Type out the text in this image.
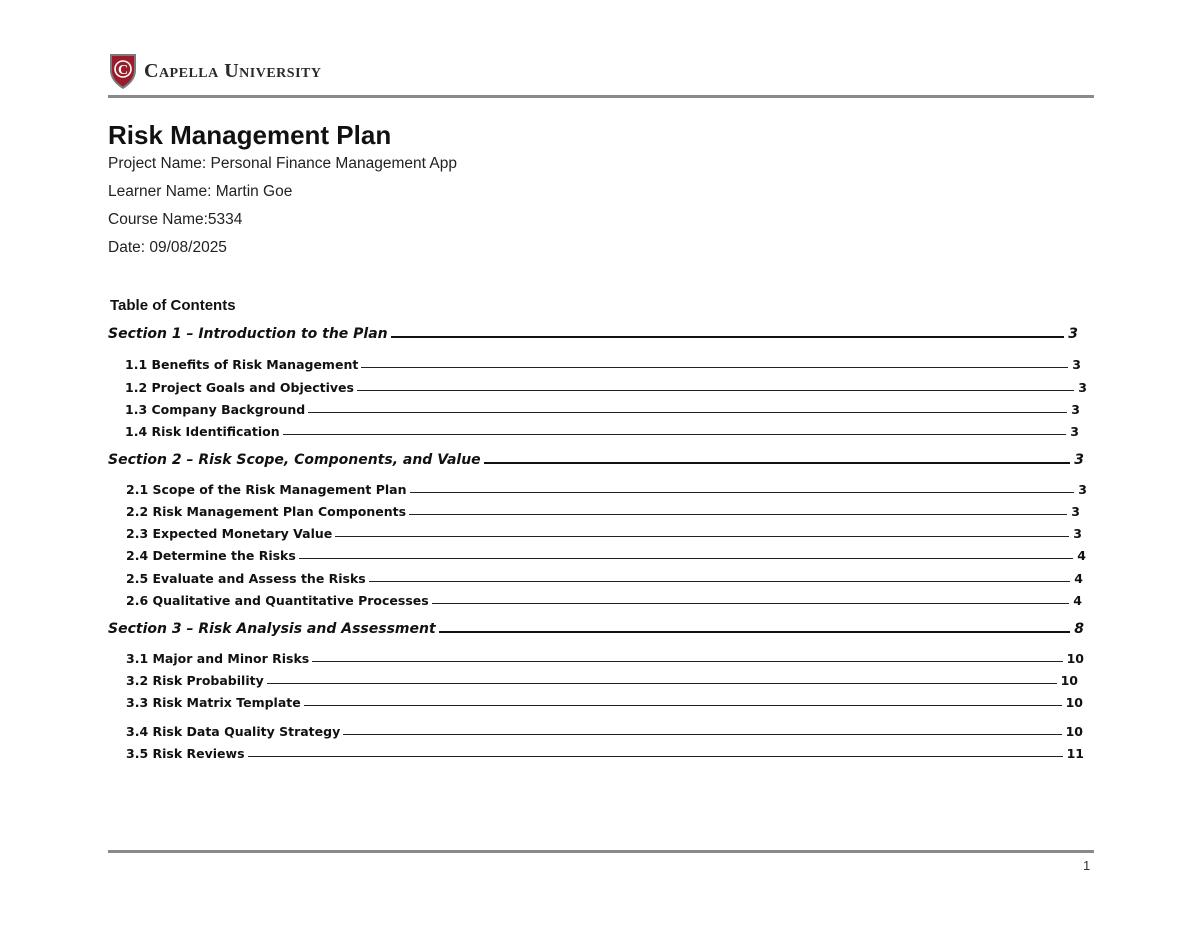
C Capella University
Risk Management Plan
Project Name: Personal Finance Management App
Learner Name: Martin Goe
Course Name:5334
Date: 09/08/2025
Table of Contents
Section 1 – Introduction to the Plan	3
1.1 Benefits of Risk Management	3
1.2 Project Goals and Objectives	3
1.3 Company Background	3
1.4 Risk Identification	3
Section 2 – Risk Scope, Components, and Value	3
2.1 Scope of the Risk Management Plan	3
2.2 Risk Management Plan Components	3
2.3 Expected Monetary Value	3
2.4 Determine the Risks	4
2.5 Evaluate and Assess the Risks	4
2.6 Qualitative and Quantitative Processes	4
Section 3 – Risk Analysis and Assessment	8
3.1 Major and Minor Risks	10
3.2 Risk Probability	10
3.3 Risk Matrix Template	10
3.4 Risk Data Quality Strategy	10
3.5 Risk Reviews	11
1
